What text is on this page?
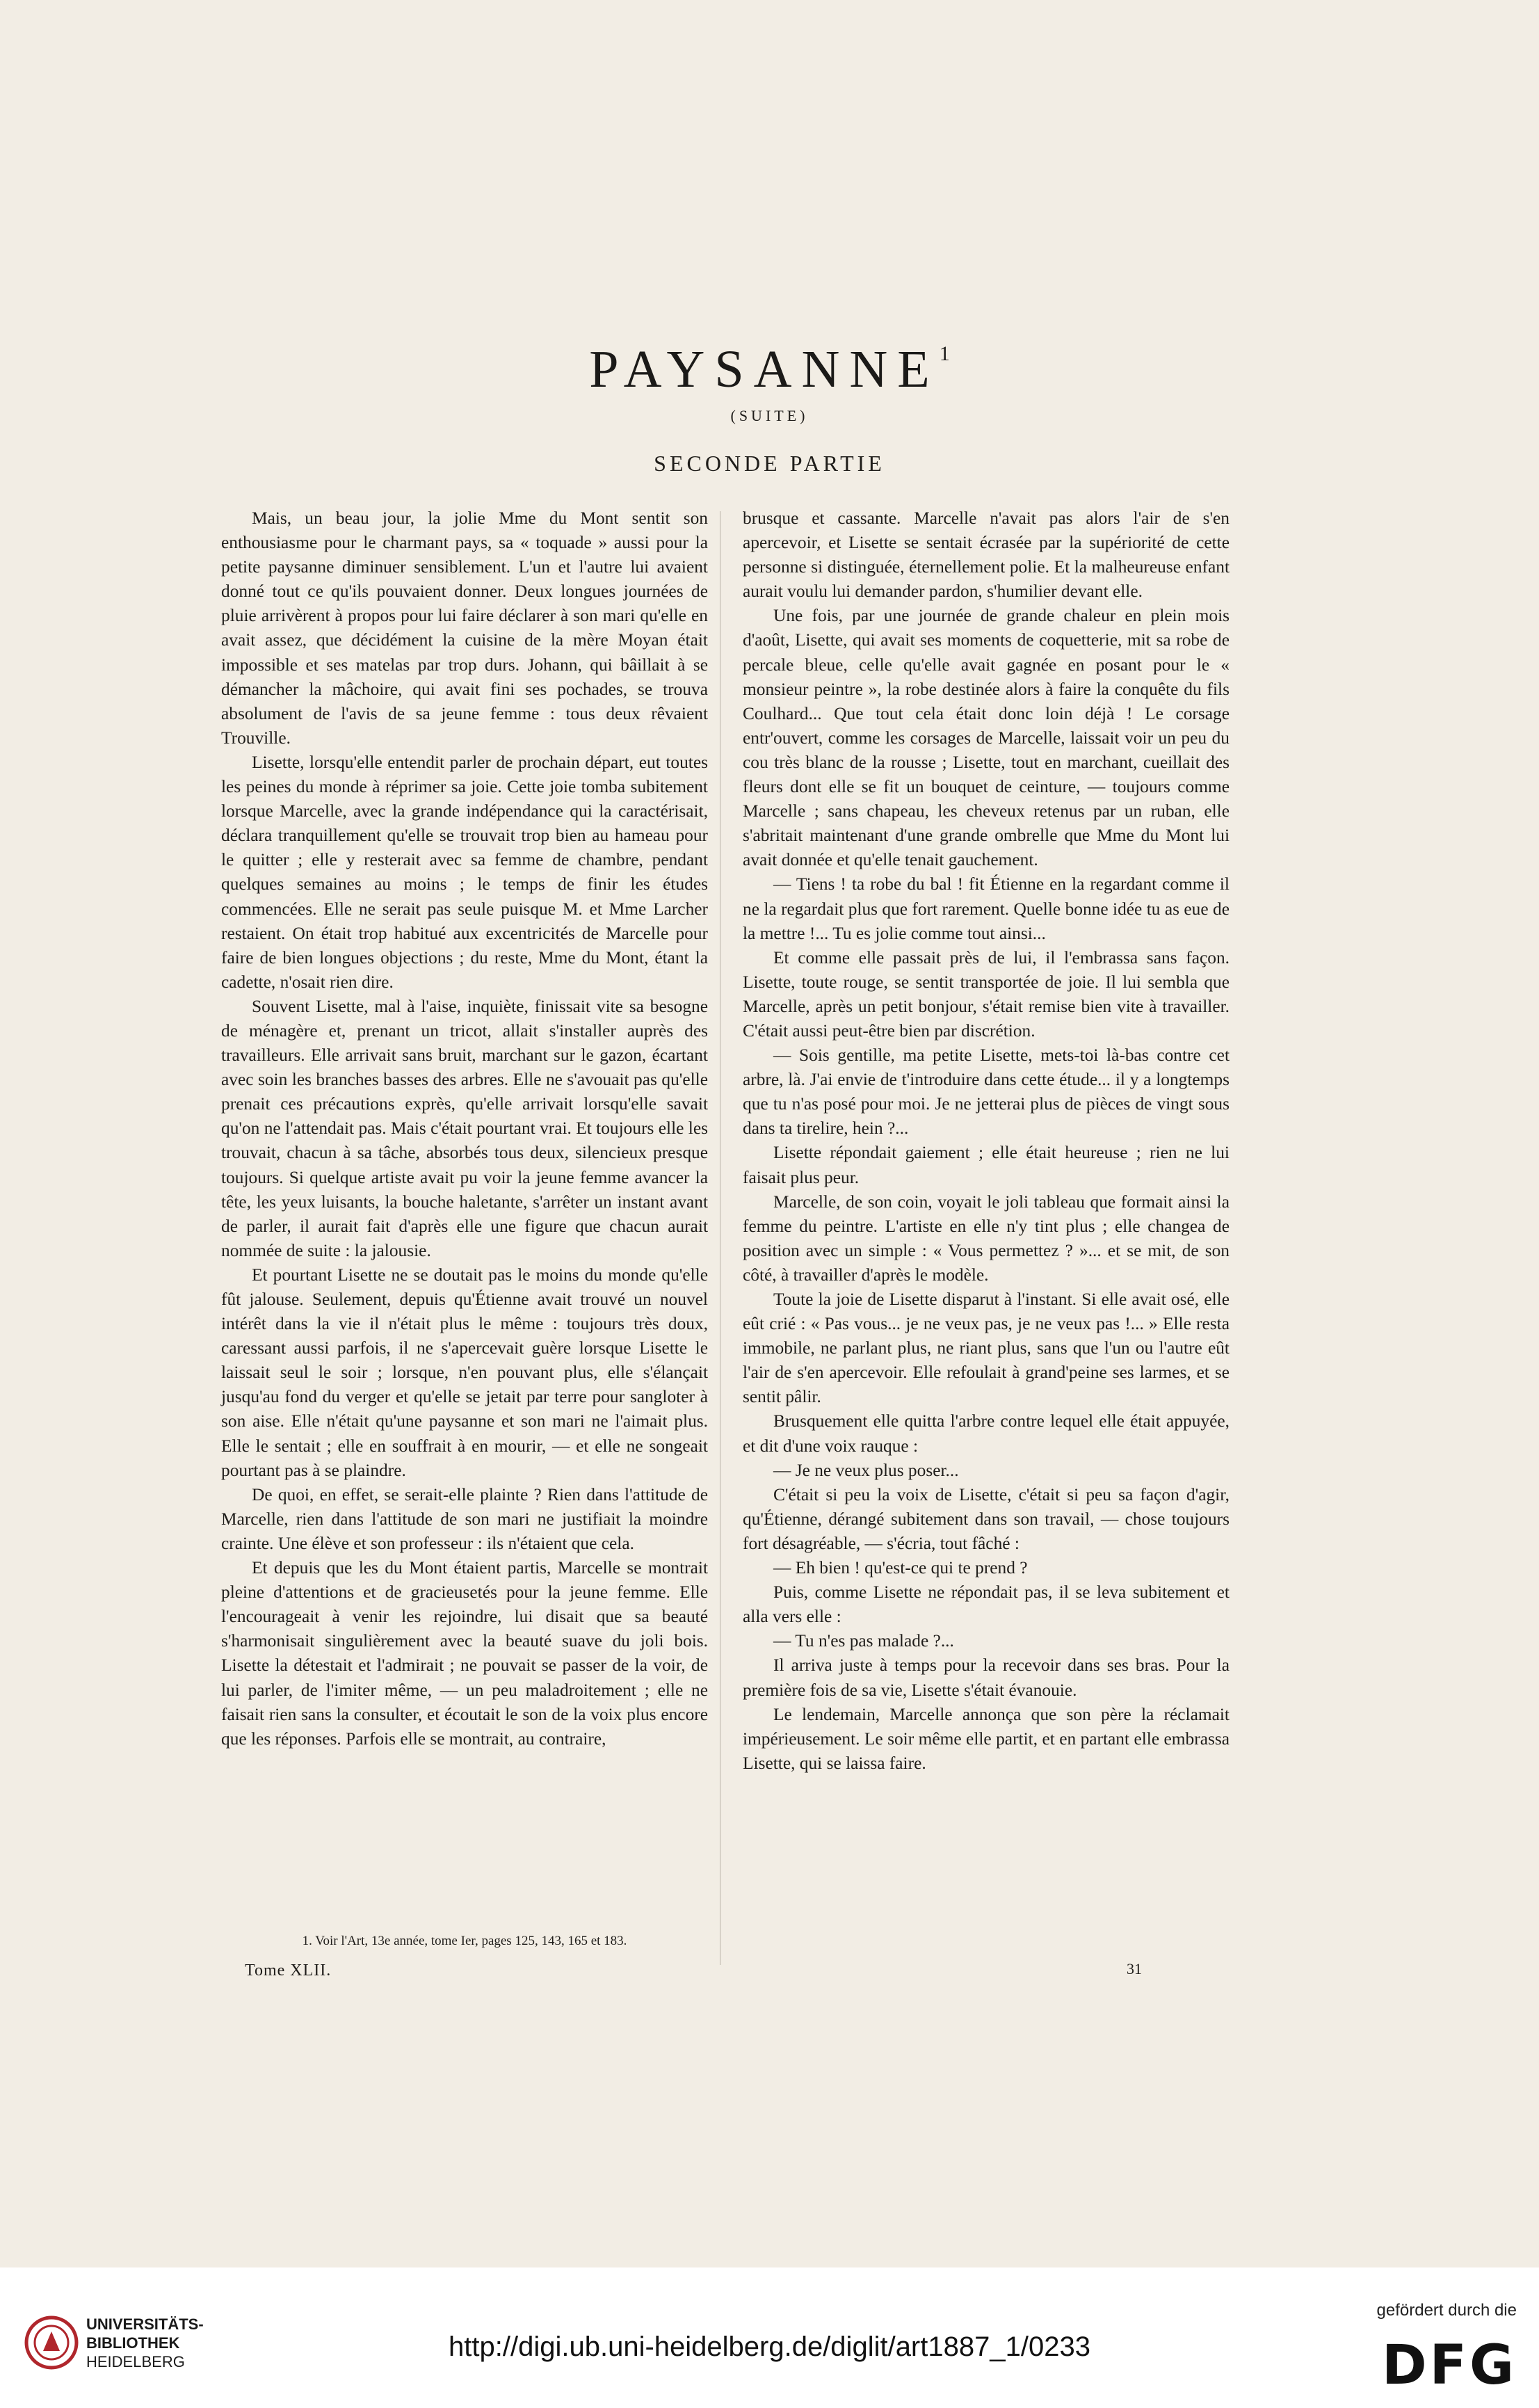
PAYSANNE$^1$
(SUITE)
SECONDE PARTIE

Mais, un beau jour, la jolie Mme du Mont sentit son enthousiasme pour le charmant pays, sa « toquade » aussi pour la petite paysanne diminuer sensiblement. L'un et l'autre lui avaient donné tout ce qu'ils pouvaient donner. Deux longues journées de pluie arrivèrent à propos pour lui faire déclarer à son mari qu'elle en avait assez, que décidément la cuisine de la mère Moyan était impossible et ses matelas par trop durs. Johann, qui bâillait à se démancher la mâchoire, qui avait fini ses pochades, se trouva absolument de l'avis de sa jeune femme : tous deux rêvaient Trouville.

Lisette, lorsqu'elle entendit parler de prochain départ, eut toutes les peines du monde à réprimer sa joie. Cette joie tomba subitement lorsque Marcelle, avec la grande indépendance qui la caractérisait, déclara tranquillement qu'elle se trouvait trop bien au hameau pour le quitter ; elle y resterait avec sa femme de chambre, pendant quelques semaines au moins ; le temps de finir les études commencées. Elle ne serait pas seule puisque M. et Mme Larcher restaient. On était trop habitué aux excentricités de Marcelle pour faire de bien longues objections ; du reste, Mme du Mont, étant la cadette, n'osait rien dire.

Souvent Lisette, mal à l'aise, inquiète, finissait vite sa besogne de ménagère et, prenant un tricot, allait s'installer auprès des travailleurs. Elle arrivait sans bruit, marchant sur le gazon, écartant avec soin les branches basses des arbres. Elle ne s'avouait pas qu'elle prenait ces précautions exprès, qu'elle arrivait lorsqu'elle savait qu'on ne l'attendait pas. Mais c'était pourtant vrai. Et toujours elle les trouvait, chacun à sa tâche, absorbés tous deux, silencieux presque toujours. Si quelque artiste avait pu voir la jeune femme avancer la tête, les yeux luisants, la bouche haletante, s'arrêter un instant avant de parler, il aurait fait d'après elle une figure que chacun aurait nommée de suite : la jalousie.

Et pourtant Lisette ne se doutait pas le moins du monde qu'elle fût jalouse. Seulement, depuis qu'Étienne avait trouvé un nouvel intérêt dans la vie il n'était plus le même : toujours très doux, caressant aussi parfois, il ne s'apercevait guère lorsque Lisette le laissait seul le soir ; lorsque, n'en pouvant plus, elle s'élançait jusqu'au fond du verger et qu'elle se jetait par terre pour sangloter à son aise. Elle n'était qu'une paysanne et son mari ne l'aimait plus. Elle le sentait ; elle en souffrait à en mourir, — et elle ne songeait pourtant pas à se plaindre.

De quoi, en effet, se serait-elle plainte ? Rien dans l'attitude de Marcelle, rien dans l'attitude de son mari ne justifiait la moindre crainte. Une élève et son professeur : ils n'étaient que cela.

Et depuis que les du Mont étaient partis, Marcelle se montrait pleine d'attentions et de gracieusetés pour la jeune femme. Elle l'encourageait à venir les rejoindre, lui disait que sa beauté s'harmonisait singulièrement avec la beauté suave du joli bois. Lisette la détestait et l'admirait ; ne pouvait se passer de la voir, de lui parler, de l'imiter même, — un peu maladroitement ; elle ne faisait rien sans la consulter, et écoutait le son de la voix plus encore que les réponses. Parfois elle se montrait, au contraire,

brusque et cassante. Marcelle n'avait pas alors l'air de s'en apercevoir, et Lisette se sentait écrasée par la supériorité de cette personne si distinguée, éternellement polie. Et la malheureuse enfant aurait voulu lui demander pardon, s'humilier devant elle.

Une fois, par une journée de grande chaleur en plein mois d'août, Lisette, qui avait ses moments de coquetterie, mit sa robe de percale bleue, celle qu'elle avait gagnée en posant pour le « monsieur peintre », la robe destinée alors à faire la conquête du fils Coulhard... Que tout cela était donc loin déjà ! Le corsage entr'ouvert, comme les corsages de Marcelle, laissait voir un peu du cou très blanc de la rousse ; Lisette, tout en marchant, cueillait des fleurs dont elle se fit un bouquet de ceinture, — toujours comme Marcelle ; sans chapeau, les cheveux retenus par un ruban, elle s'abritait maintenant d'une grande ombrelle que Mme du Mont lui avait donnée et qu'elle tenait gauchement.

— Tiens ! ta robe du bal ! fit Étienne en la regardant comme il ne la regardait plus que fort rarement. Quelle bonne idée tu as eue de la mettre !... Tu es jolie comme tout ainsi...

Et comme elle passait près de lui, il l'embrassa sans façon. Lisette, toute rouge, se sentit transportée de joie. Il lui sembla que Marcelle, après un petit bonjour, s'était remise bien vite à travailler. C'était aussi peut-être bien par discrétion.

— Sois gentille, ma petite Lisette, mets-toi là-bas contre cet arbre, là. J'ai envie de t'introduire dans cette étude... il y a longtemps que tu n'as posé pour moi. Je ne jetterai plus de pièces de vingt sous dans ta tirelire, hein ?...

Lisette répondait gaiement ; elle était heureuse ; rien ne lui faisait plus peur.

Marcelle, de son coin, voyait le joli tableau que formait ainsi la femme du peintre. L'artiste en elle n'y tint plus ; elle changea de position avec un simple : « Vous permettez ? »... et se mit, de son côté, à travailler d'après le modèle.

Toute la joie de Lisette disparut à l'instant. Si elle avait osé, elle eût crié : « Pas vous... je ne veux pas, je ne veux pas !... » Elle resta immobile, ne parlant plus, ne riant plus, sans que l'un ou l'autre eût l'air de s'en apercevoir. Elle refoulait à grand'peine ses larmes, et se sentit pâlir.

Brusquement elle quitta l'arbre contre lequel elle était appuyée, et dit d'une voix rauque :

— Je ne veux plus poser...

C'était si peu la voix de Lisette, c'était si peu sa façon d'agir, qu'Étienne, dérangé subitement dans son travail, — chose toujours fort désagréable, — s'écria, tout fâché :

— Eh bien ! qu'est-ce qui te prend ?

Puis, comme Lisette ne répondait pas, il se leva subitement et alla vers elle :

— Tu n'es pas malade ?...

Il arriva juste à temps pour la recevoir dans ses bras. Pour la première fois de sa vie, Lisette s'était évanouie.

Le lendemain, Marcelle annonça que son père la réclamait impérieusement. Le soir même elle partit, et en partant elle embrassa Lisette, qui se laissa faire.

1. Voir l'Art, 13e année, tome Ier, pages 125, 143, 165 et 183.
Tome XLII.	31
UNIVERSITÄTS-
BIBLIOTHEK
HEIDELBERG	http://digi.ub.uni-heidelberg.de/diglit/art1887_1/0233
gefördert durch die
DFG
